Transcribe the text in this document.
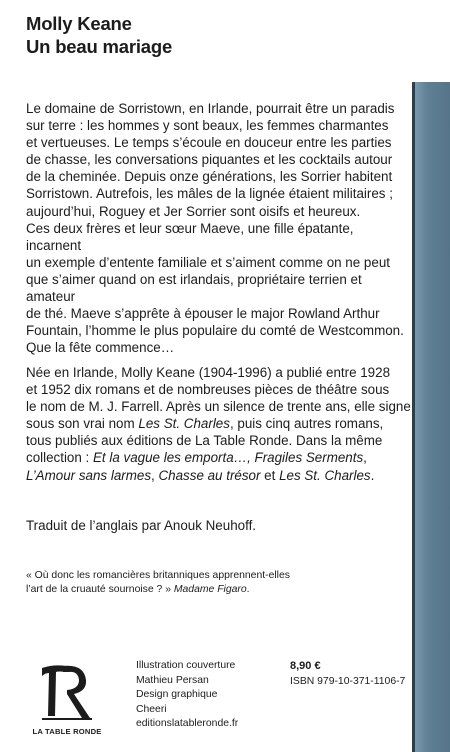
Molly Keane
Un beau mariage
Le domaine de Sorristown, en Irlande, pourrait être un paradis
sur terre : les hommes y sont beaux, les femmes charmantes
et vertueuses. Le temps s’écoule en douceur entre les parties
de chasse, les conversations piquantes et les cocktails autour
de la cheminée. Depuis onze générations, les Sorrier habitent
Sorristown. Autrefois, les mâles de la lignée étaient militaires ;
aujourd’hui, Roguey et Jer Sorrier sont oisifs et heureux.
Ces deux frères et leur sœur Maeve, une fille épatante, incarnent
un exemple d’entente familiale et s’aiment comme on ne peut
que s’aimer quand on est irlandais, propriétaire terrien et amateur
de thé. Maeve s’apprête à épouser le major Rowland Arthur
Fountain, l’homme le plus populaire du comté de Westcommon.
Que la fête commence…
Née en Irlande, Molly Keane (1904-1996) a publié entre 1928
et 1952 dix romans et de nombreuses pièces de théâtre sous
le nom de M. J. Farrell. Après un silence de trente ans, elle signe
sous son vrai nom Les St. Charles, puis cinq autres romans,
tous publiés aux éditions de La Table Ronde. Dans la même
collection : Et la vague les emporta…, Fragiles Serments,
L’Amour sans larmes, Chasse au trésor et Les St. Charles.
Traduit de l’anglais par Anouk Neuhoff.
« Où donc les romancières britanniques apprennent-elles
l’art de la cruauté sournoise ? » Madame Figaro.
LA TABLE RONDE
Illustration couverture
Mathieu Persan
Design graphique
Cheeri
editionslatableronde.fr
8,90 €
ISBN 979-10-371-1106-7
